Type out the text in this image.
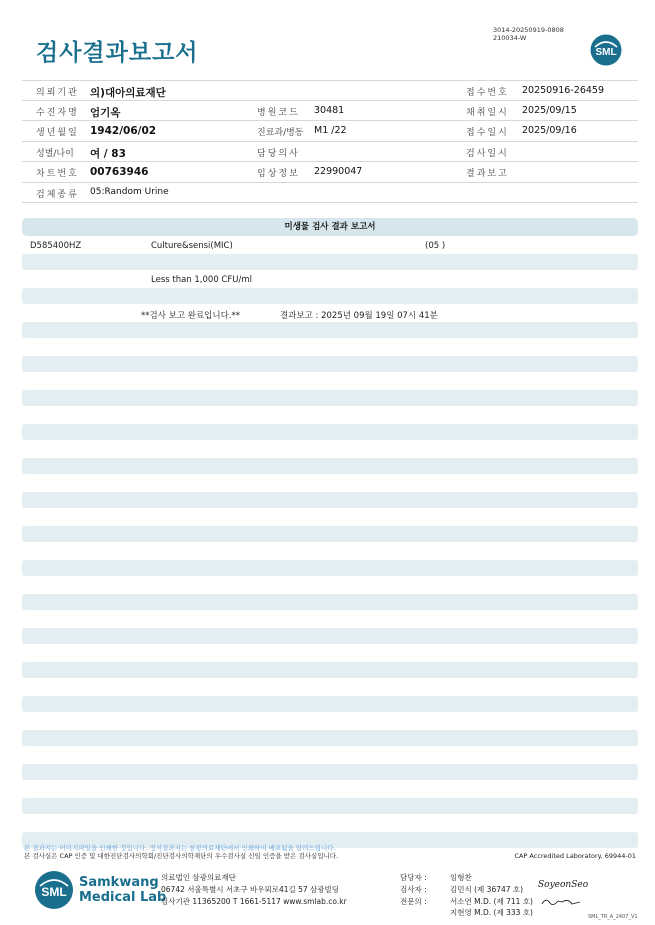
검사결과보고서
3014-20250919-0808
210034-W
SML
의뢰기관 의)대아의료재단	접수번호 20250916-26459
수진자명 엄기옥	병원코드 30481	채취일시 2025/09/15
생년월일 1942/06/02	진료과/병동 M1 /22	접수일시 2025/09/16
성별/나이 여 / 83	담당의사	검사일시
차트번호 00763946	임상정보 22990047	결과보고
검체종류 05:Random Urine
미생물 검사 결과 보고서
D585400HZ	Culture&sensi(MIC)	(05 )
Less than 1,000 CFU/ml
**검사 보고 완료입니다.**	결과보고 : 2025년 09월 19일 07시 41분
본 결과지는 이미지파일을 인쇄한 것입니다. 정식결과지는 삼광의료재단에서 인쇄하여 배포됨을 알려드립니다.
본 검사실은 CAP 인증 및 대한진단검사의학회/진단검사의학재단의 우수검사실 신임 인증을 받은 검사실입니다.	CAP Accredited Laboratory. 69944-01
SML
Samkwang
Medical Lab
의료법인 삼광의료재단
06742 서울특별시 서초구 바우뫼로41길 57 삼광빌딩
검사기관 11365200 T 1661-5117 www.smlab.co.kr
담당자 :	임형찬
검사자 :	김민식 (제 36747 호)
전문의 :	서소연 M.D. (제 711 호)
지현영 M.D. (제 333 호)
SoyeonSeo
SML_TR_A_2407_V1
